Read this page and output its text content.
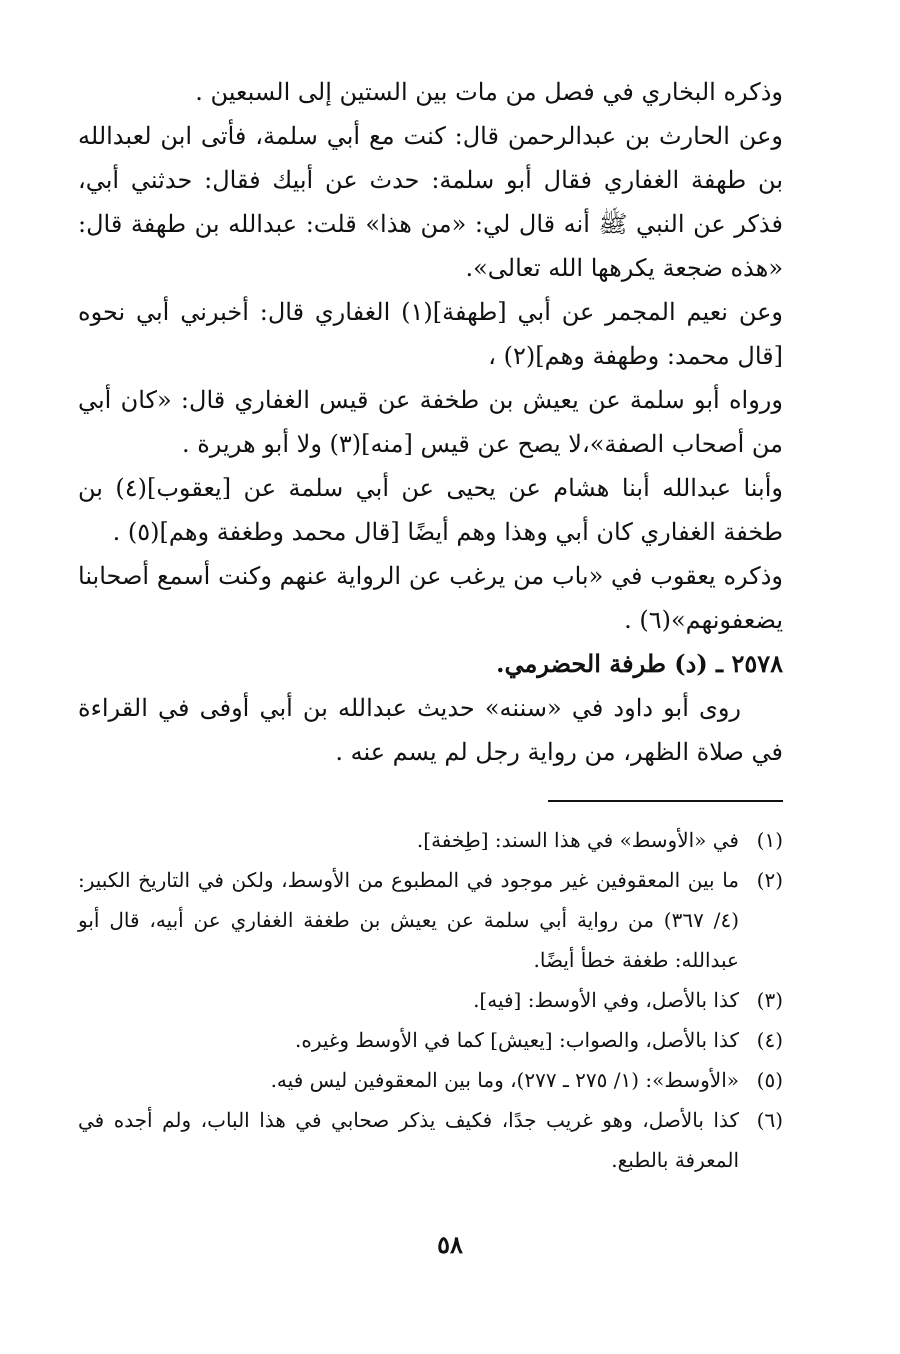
وذكره البخاري في فصل من مات بين الستين إلى السبعين .

وعن الحارث بن عبدالرحمن قال: كنت مع أبي سلمة، فأتى ابن لعبدالله بن طهفة الغفاري فقال أبو سلمة: حدث عن أبيك فقال: حدثني أبي، فذكر عن النبي ﷺ أنه قال لي: «من هذا» قلت: عبدالله بن طهفة قال: «هذه ضجعة يكرهها الله تعالى».

وعن نعيم المجمر عن أبي [طهفة](١) الغفاري قال: أخبرني أبي نحوه [قال محمد: وطهفة وهم](٢) ،

ورواه أبو سلمة عن يعيش بن طخفة عن قيس الغفاري قال: «كان أبي من أصحاب الصفة»،لا يصح عن قيس [منه](٣) ولا أبو هريرة .

وأبنا عبدالله أبنا هشام عن يحيى عن أبي سلمة عن [يعقوب](٤) بن طخفة الغفاري كان أبي وهذا وهم أيضًا [قال محمد وطغفة وهم](٥) .

وذكره يعقوب في «باب من يرغب عن الرواية عنهم وكنت أسمع أصحابنا يضعفونهم»(٦) .

٢٥٧٨ ـ (د) طرفة الحضرمي.

روى أبو داود في «سننه» حديث عبدالله بن أبي أوفى في القراءة في صلاة الظهر، من رواية رجل لم يسم عنه .

(١)
في «الأوسط» في هذا السند: [طِخفة].

(٢)
ما بين المعقوفين غير موجود في المطبوع من الأوسط، ولكن في التاريخ الكبير: (٤/ ٣٦٧) من رواية أبي سلمة عن يعيش بن طغفة الغفاري عن أبيه، قال أبو عبدالله: طغفة خطأ أيضًا.

(٣)
كذا بالأصل، وفي الأوسط: [فيه].

(٤)
كذا بالأصل، والصواب: [يعيش] كما في الأوسط وغيره.

(٥)
«الأوسط»: (١/ ٢٧٥ ـ ٢٧٧)، وما بين المعقوفين ليس فيه.

(٦)
كذا بالأصل، وهو غريب جدًا، فكيف يذكر صحابي في هذا الباب، ولم أجده في المعرفة بالطبع.

٥٨
